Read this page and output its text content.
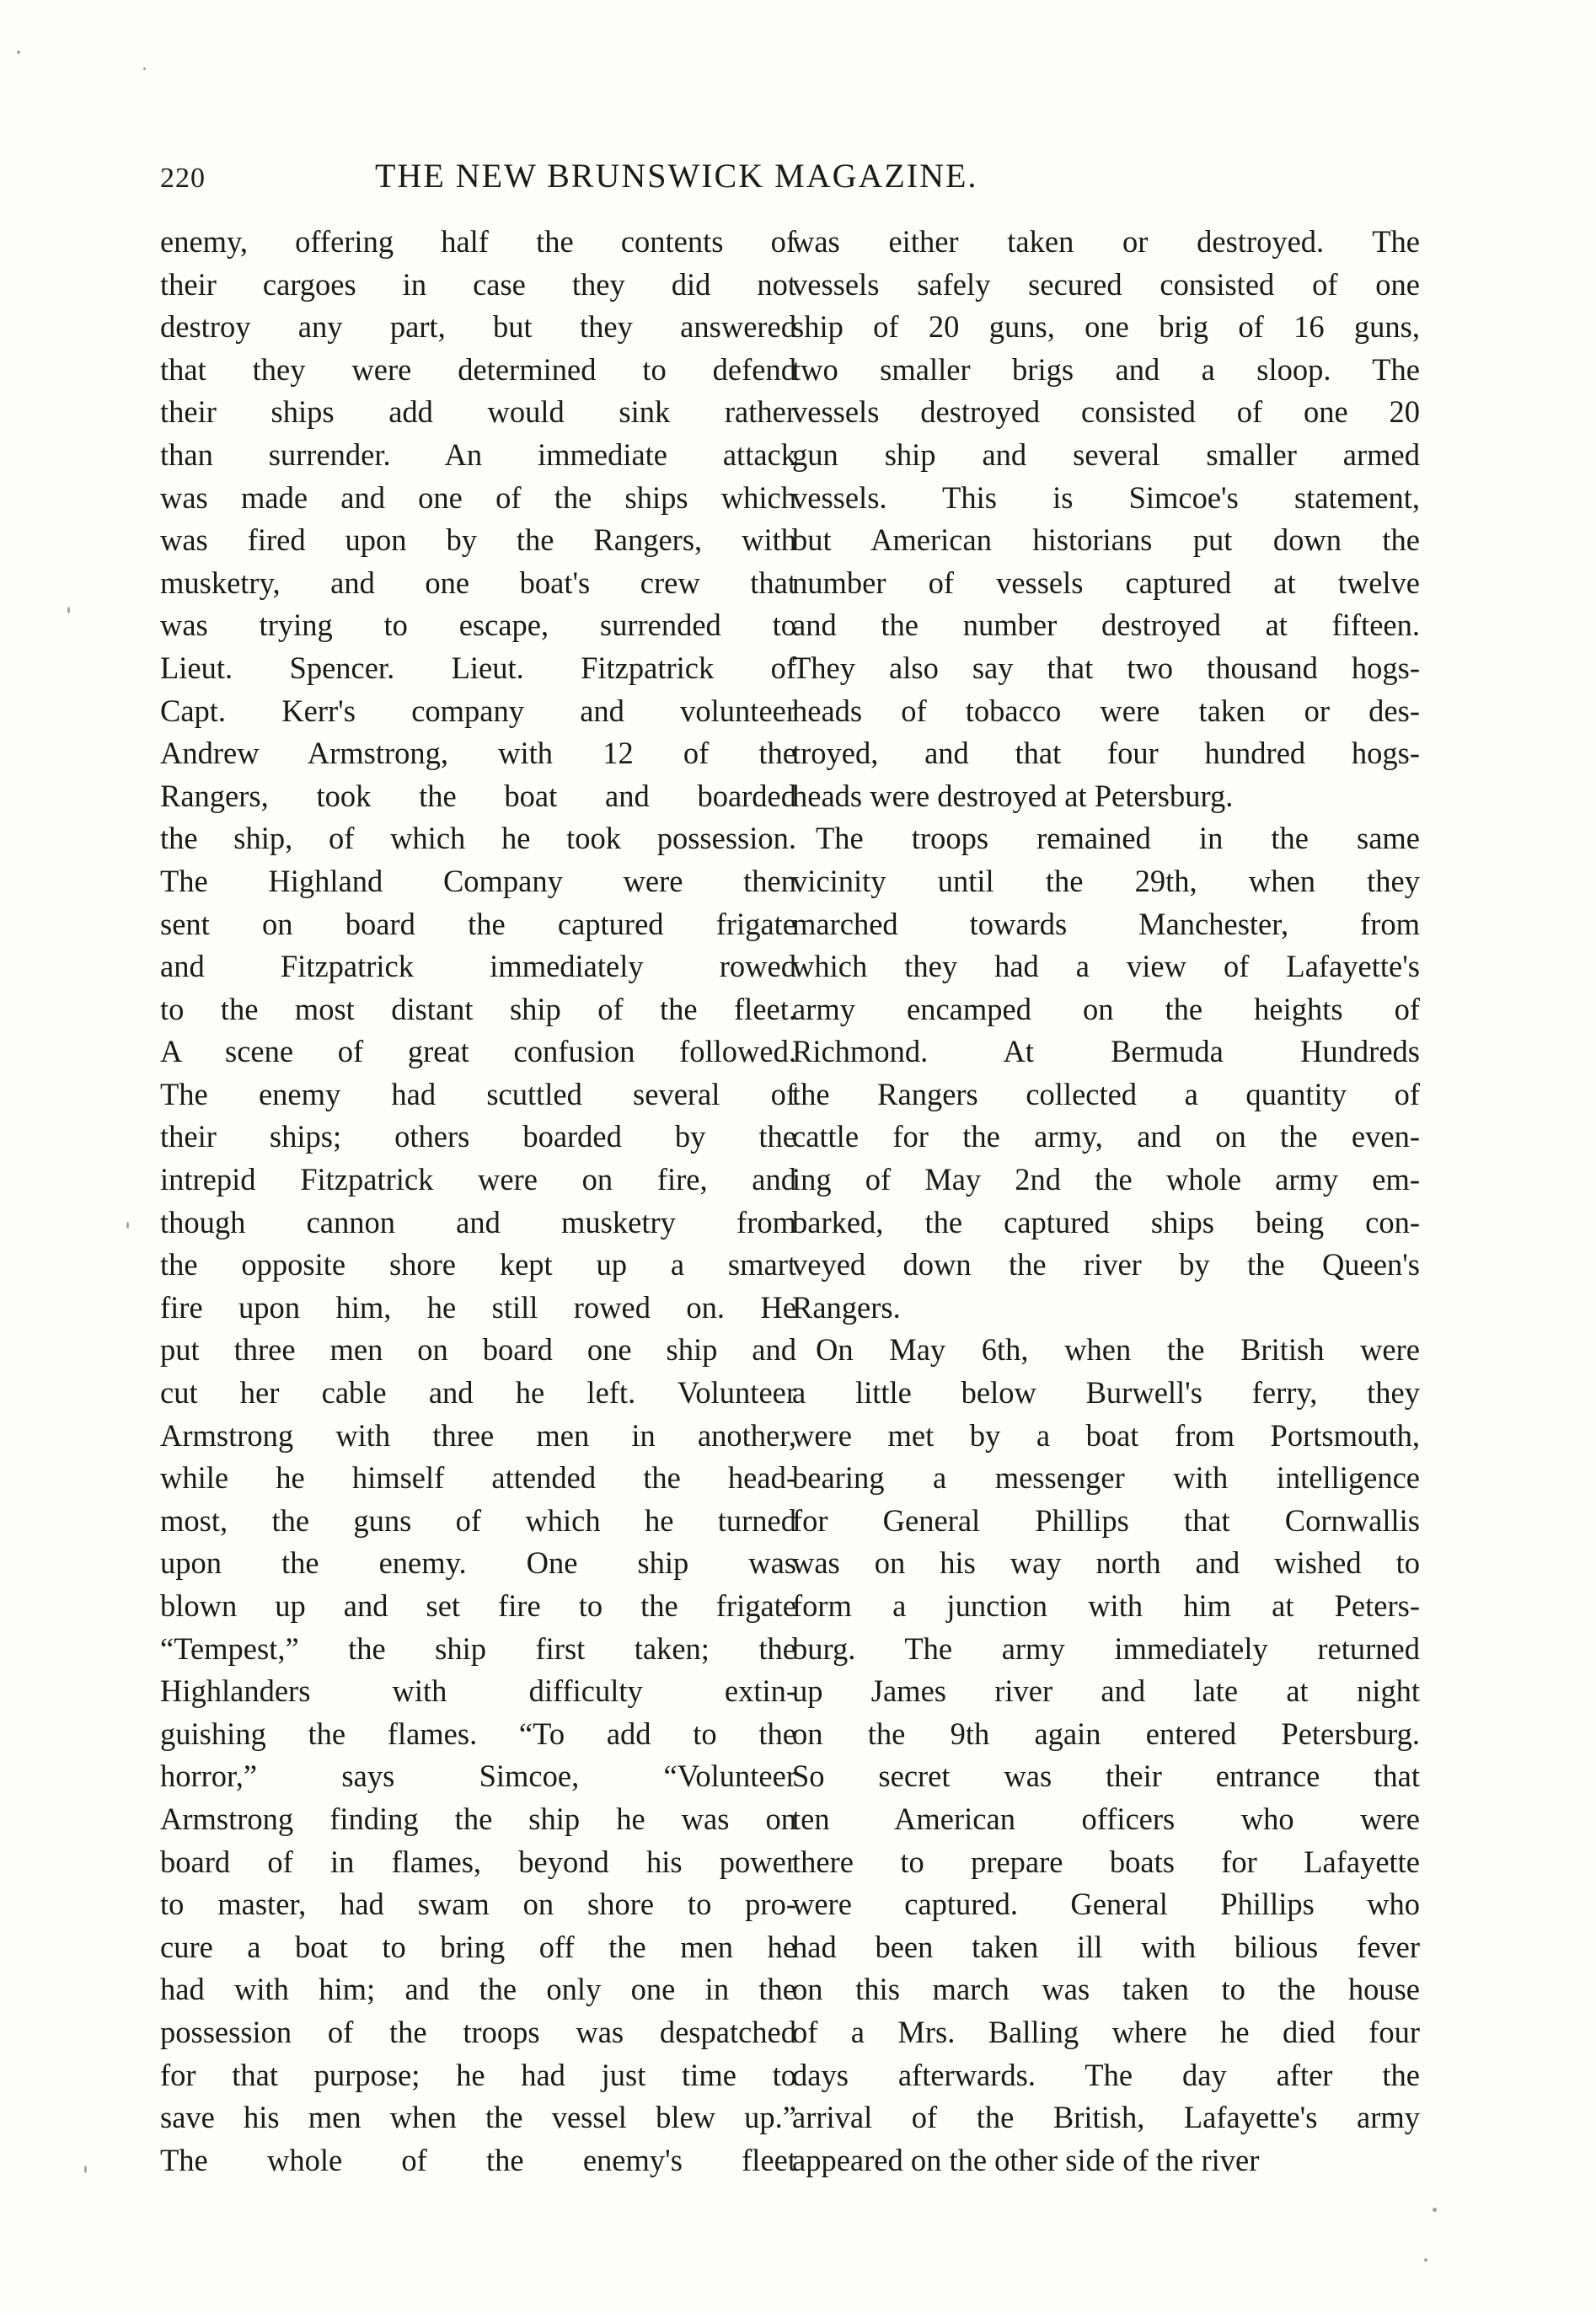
220	THE NEW BRUNSWICK MAGAZINE.
enemy, offering half the contents of
their cargoes in case they did not
destroy any part, but they answered
that they were determined to defend
their ships add would sink rather
than surrender. An immediate attack
was made and one of the ships which
was fired upon by the Rangers, with
musketry, and one boat's crew that
was trying to escape, surrended to
Lieut. Spencer. Lieut. Fitzpatrick of
Capt. Kerr's company and volunteer
Andrew Armstrong, with 12 of the
Rangers, took the boat and boarded
the ship, of which he took possession.
The Highland Company were then
sent on board the captured frigate
and Fitzpatrick immediately rowed
to the most distant ship of the fleet.
A scene of great confusion followed.
The enemy had scuttled several of
their ships; others boarded by the
intrepid Fitzpatrick were on fire, and
though cannon and musketry from
the opposite shore kept up a smart
fire upon him, he still rowed on. He
put three men on board one ship and
cut her cable and he left. Volunteer
Armstrong with three men in another,
while he himself attended the head-
most, the guns of which he turned
upon the enemy. One ship was
blown up and set fire to the frigate
“Tempest,” the ship first taken; the
Highlanders with difficulty extin-
guishing the flames. “To add to the
horror,” says Simcoe, “Volunteer
Armstrong finding the ship he was on
board of in flames, beyond his power
to master, had swam on shore to pro-
cure a boat to bring off the men he
had with him; and the only one in the
possession of the troops was despatched
for that purpose; he had just time to
save his men when the vessel blew up.”
The whole of the enemy's fleet
was either taken or destroyed. The
vessels safely secured consisted of one
ship of 20 guns, one brig of 16 guns,
two smaller brigs and a sloop. The
vessels destroyed consisted of one 20
gun ship and several smaller armed
vessels. This is Simcoe's statement,
but American historians put down the
number of vessels captured at twelve
and the number destroyed at fifteen.
They also say that two thousand hogs-
heads of tobacco were taken or des-
troyed, and that four hundred hogs-
heads were destroyed at Petersburg.
The troops remained in the same
vicinity until the 29th, when they
marched towards Manchester, from
which they had a view of Lafayette's
army encamped on the heights of
Richmond. At Bermuda Hundreds
the Rangers collected a quantity of
cattle for the army, and on the even-
ing of May 2nd the whole army em-
barked, the captured ships being con-
veyed down the river by the Queen's
Rangers.
On May 6th, when the British were
a little below Burwell's ferry, they
were met by a boat from Portsmouth,
bearing a messenger with intelligence
for General Phillips that Cornwallis
was on his way north and wished to
form a junction with him at Peters-
burg. The army immediately returned
up James river and late at night
on the 9th again entered Petersburg.
So secret was their entrance that
ten American officers who were
there to prepare boats for Lafayette
were captured. General Phillips who
had been taken ill with bilious fever
on this march was taken to the house
of a Mrs. Balling where he died four
days afterwards. The day after the
arrival of the British, Lafayette's army
appeared on the other side of the river
